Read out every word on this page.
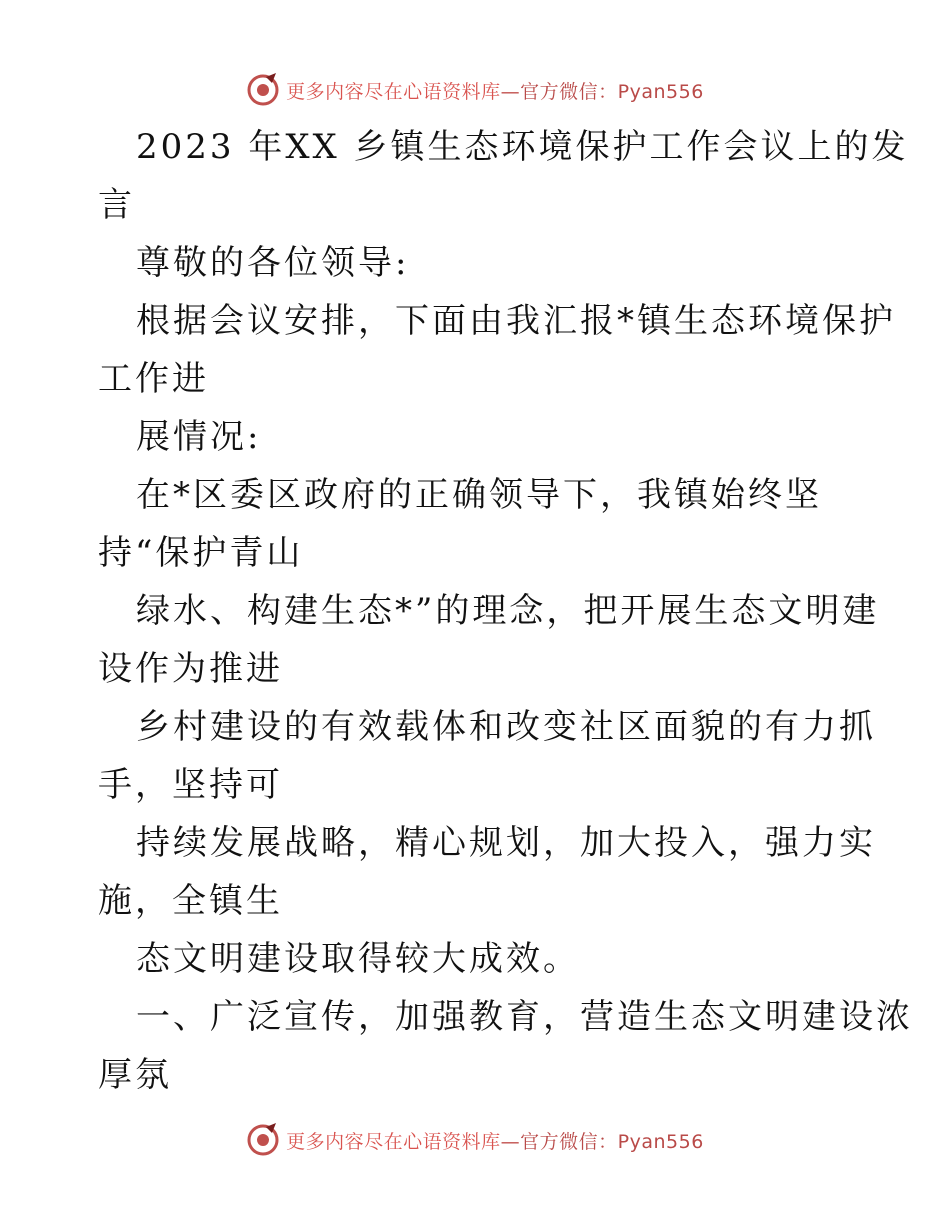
更多内容尽在心语资料库—官方微信：Pyan556
2023 年XX 乡镇生态环境保护工作会议上的发
言
尊敬的各位领导:
根据会议安排，下面由我汇报*镇生态环境保护
工作进
展情况:
在*区委区政府的正确领导下，我镇始终坚
持“保护青山
绿水、构建生态*”的理念，把开展生态文明建
设作为推进
乡村建设的有效载体和改变社区面貌的有力抓
手，坚持可
持续发展战略，精心规划，加大投入，强力实
施，全镇生
态文明建设取得较大成效。
一、广泛宣传，加强教育，营造生态文明建设浓
厚氛
更多内容尽在心语资料库—官方微信：Pyan556
